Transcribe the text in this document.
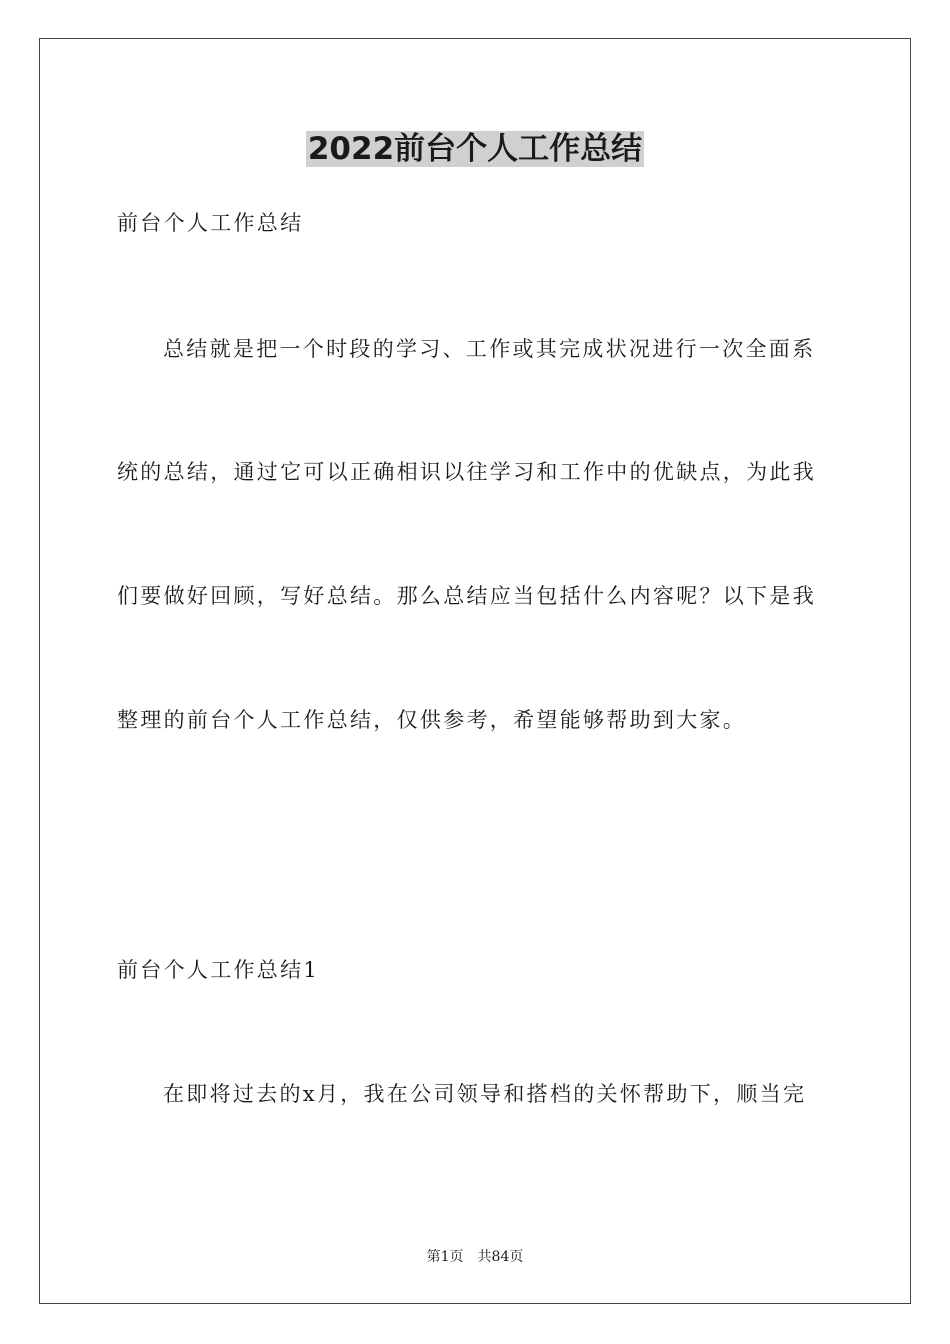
2022前台个人工作总结
前台个人工作总结
总结就是把一个时段的学习、工作或其完成状况进行一次全面系
统的总结，通过它可以正确相识以往学习和工作中的优缺点，为此我
们要做好回顾，写好总结。那么总结应当包括什么内容呢？以下是我
整理的前台个人工作总结，仅供参考，希望能够帮助到大家。
前台个人工作总结1
在即将过去的x月，我在公司领导和搭档的关怀帮助下，顺当完
第1页　共84页
